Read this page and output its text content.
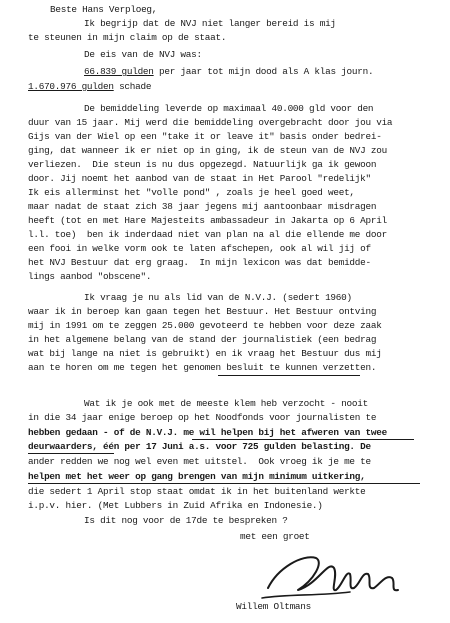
Beste Hans Verploeg,
Ik begrijp dat de NVJ niet langer bereid is mij
te steunen in mijn claim op de staat.
De eis van de NVJ was:
66.839 gulden per jaar tot mijn dood als A klas journ.
1.670.976 gulden schade
De bemiddeling leverde op maximaal 40.000 gld voor den
duur van 15 jaar. Mij werd die bemiddeling overgebracht door jou via
Gijs van der Wiel op een "take it or leave it" basis onder bedrei-
ging, dat wanneer ik er niet op in ging, ik de steun van de NVJ zou
verliezen.  Die steun is nu dus opgezegd. Natuurlijk ga ik gewoon
door. Jij noemt het aanbod van de staat in Het Parool "redelijk"
Ik eis allerminst het "volle pond" , zoals je heel goed weet,
maar nadat de staat zich 38 jaar jegens mij aantoonbaar misdragen
heeft (tot en met Hare Majesteits ambassadeur in Jakarta op 6 April
l.l. toe)  ben ik inderdaad niet van plan na al die ellende me door
een fooi in welke vorm ook te laten afschepen, ook al wil jij of
het NVJ Bestuur dat erg graag.  In mijn lexicon was dat bemidde-
lings aanbod "obscene".
Ik vraag je nu als lid van de N.V.J. (sedert 1960)
waar ik in beroep kan gaan tegen het Bestuur. Het Bestuur ontving
mij in 1991 om te zeggen 25.000 gevoteerd te hebben voor deze zaak
in het algemene belang van de stand der journalistiek (een bedrag
wat bij lange na niet is gebruikt) en ik vraag het Bestuur dus mij
aan te horen om me tegen het genomen besluit te kunnen verzetten.
Wat ik je ook met de meeste klem heb verzocht - nooit
in die 34 jaar enige beroep op het Noodfonds voor journalisten te
hebben gedaan - of de N.V.J. me wil helpen bij het afweren van twee
deurwaarders, één per 17 Juni a.s. voor 725 gulden belasting. De
ander redden we nog wel even met uitstel.  Ook vroeg ik je me te
helpen met het weer op gang brengen van mijn minimum uitkering,
die sedert 1 April stop staat omdat ik in het buitenland werkte
i.p.v. hier. (Met Lubbers in Zuid Afrika en Indonesie.)
Is dit nog voor de 17de te bespreken ?
met een groet
Willem Oltmans
